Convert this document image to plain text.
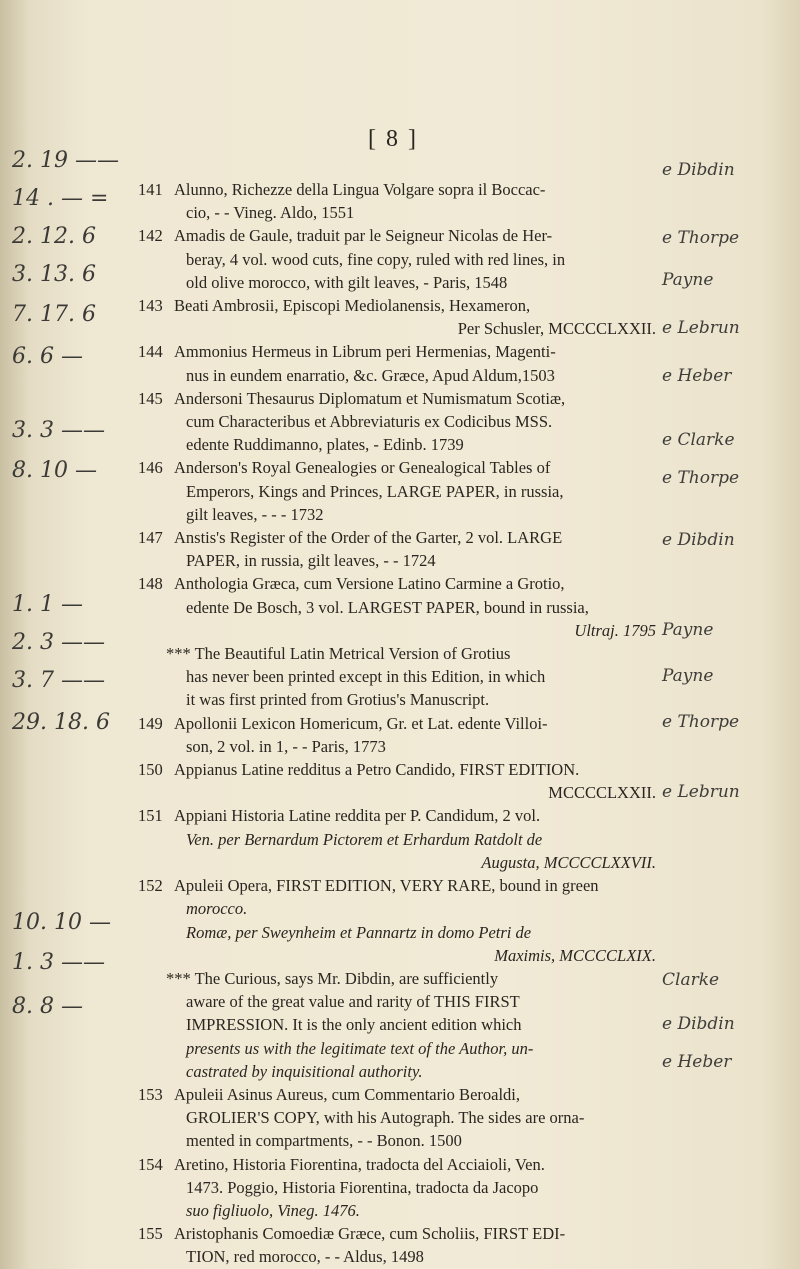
[ 8 ]
2. 19 ——
14 . — =
2. 12. 6
3. 13. 6
7. 17. 6
6. 6 —
3. 3 ——
8. 10 —
1. 1 —
2. 3 ——
3. 7 ——
29. 18. 6
10. 10 —
1. 3 ——
8. 8 —
141 Alunno, Richezze della Lingua Volgare sopra il Boccac-
cio, - - Vineg. Aldo, 1551
142 Amadis de Gaule, traduit par le Seigneur Nicolas de Her-
beray, 4 vol. wood cuts, fine copy, ruled with red lines, in
old olive morocco, with gilt leaves, - Paris, 1548
143 Beati Ambrosii, Episcopi Mediolanensis, Hexameron,
Per Schusler, MCCCCLXXII.
144 Ammonius Hermeus in Librum peri Hermenias, Magenti-
nus in eundem enarratio, &c. Græce, Apud Aldum,1503
145 Andersoni Thesaurus Diplomatum et Numismatum Scotiæ,
cum Characteribus et Abbreviaturis ex Codicibus MSS.
edente Ruddimanno, plates, - Edinb. 1739
146 Anderson's Royal Genealogies or Genealogical Tables of
Emperors, Kings and Princes, LARGE PAPER, in russia,
gilt leaves, - - - 1732
147 Anstis's Register of the Order of the Garter, 2 vol. LARGE
PAPER, in russia, gilt leaves, - - 1724
148 Anthologia Græca, cum Versione Latino Carmine a Grotio,
edente De Bosch, 3 vol. LARGEST PAPER, bound in russia,
Ultraj. 1795
*** The Beautiful Latin Metrical Version of Grotius
has never been printed except in this Edition, in which
it was first printed from Grotius's Manuscript.
149 Apollonii Lexicon Homericum, Gr. et Lat. edente Villoi-
son, 2 vol. in 1, - - Paris, 1773
150 Appianus Latine redditus a Petro Candido, FIRST EDITION.
MCCCCLXXII.
151 Appiani Historia Latine reddita per P. Candidum, 2 vol.
Ven. per Bernardum Pictorem et Erhardum Ratdolt de
Augusta, MCCCCLXXVII.
152 Apuleii Opera, FIRST EDITION, VERY RARE, bound in green
morocco.
Romæ, per Sweynheim et Pannartz in domo Petri de
Maximis, MCCCCLXIX.
*** The Curious, says Mr. Dibdin, are sufficiently
aware of the great value and rarity of THIS FIRST
IMPRESSION. It is the only ancient edition which
presents us with the legitimate text of the Author, un-
castrated by inquisitional authority.
153 Apuleii Asinus Aureus, cum Commentario Beroaldi,
GROLIER'S COPY, with his Autograph. The sides are orna-
mented in compartments, - - Bonon. 1500
154 Aretino, Historia Fiorentina, tradocta del Acciaioli, Ven.
1473. Poggio, Historia Fiorentina, tradocta da Jacopo
suo figliuolo, Vineg. 1476.
155 Aristophanis Comoediæ Græce, cum Scholiis, FIRST EDI-
TION, red morocco, - - Aldus, 1498
e Dibdin
e Thorpe
Payne
e Lebrun
e Heber
e Clarke
e Thorpe
e Dibdin
Payne
Payne
e Thorpe
e Lebrun
Clarke
e Dibdin
e Heber
